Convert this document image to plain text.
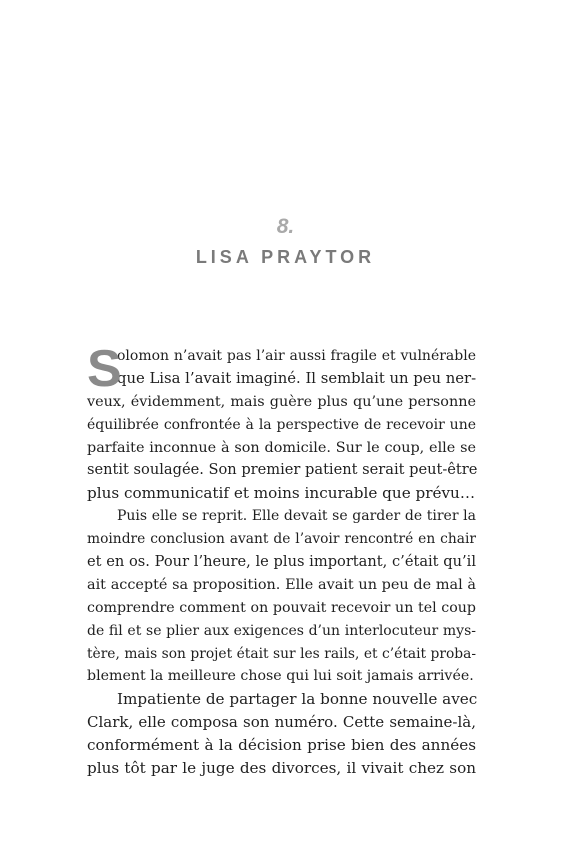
8.
LISA PRAYTOR
S
olomon n’avait pas l’air aussi fragile et vulnérable
que Lisa l’avait imaginé. Il semblait un peu ner-
veux, évidemment, mais guère plus qu’une personne
équilibrée confrontée à la perspective de recevoir une
parfaite inconnue à son domicile. Sur le coup, elle se
sentit soulagée. Son premier patient serait peut-être
plus communicatif et moins incurable que prévu…
Puis elle se reprit. Elle devait se garder de tirer la
moindre conclusion avant de l’avoir rencontré en chair
et en os. Pour l’heure, le plus important, c’était qu’il
ait accepté sa proposition. Elle avait un peu de mal à
comprendre comment on pouvait recevoir un tel coup
de fil et se plier aux exigences d’un interlocuteur mys-
tère, mais son projet était sur les rails, et c’était proba-
blement la meilleure chose qui lui soit jamais arrivée.
Impatiente de partager la bonne nouvelle avec
Clark, elle composa son numéro. Cette semaine-là,
conformément à la décision prise bien des années
plus tôt par le juge des divorces, il vivait chez son
